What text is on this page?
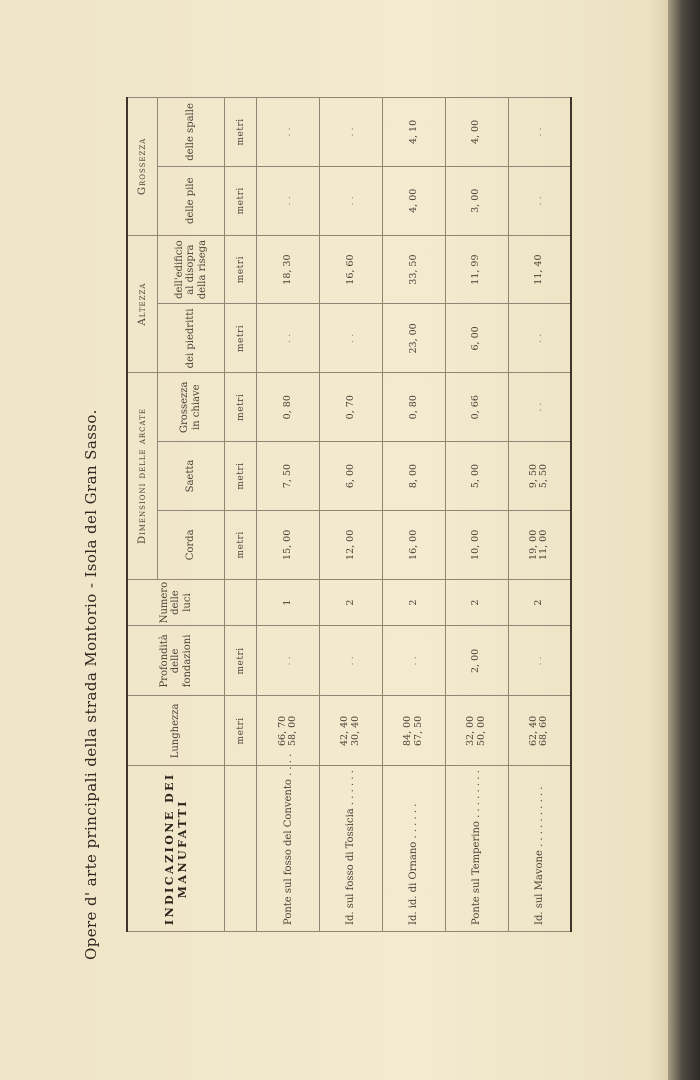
Opere d' arte principali della strada Montorio - Isola del Gran Sasso.	INDICAZIONE DEI MANUFATTI	Lunghezza	Profondità delle fondazioni	Numero delle luci	Dimensioni delle arcate			Altezza		Grossezza	
				Corda	Saetta	Grossezza in chiave	dei piedritti	dell'edificio al disopra della risega	delle pile	delle spalle
	metri	metri		metri	metri	metri	metri	metri	metri	metri
Ponte sul fosso del Convento . . . .	66, 70 58, 00	. .	1	15, 00	7, 50	0, 80	. .	18, 30	. .	. .
Id. sul fosso di Tossicia . . . . . .	42, 40 30, 40	. .	2	12, 00	6, 00	0, 70	. .	16, 60	. .	. .
Id. id. di Ornano . . . . . .	84, 00 67, 50	. .	2	16, 00	8, 00	0, 80	23, 00	33, 50	4, 00	4, 10
Ponte sul Temperino . . . . . . . .	32, 00 50, 00	2, 00	2	10, 00	5, 00	0, 66	6, 00	11, 99	3, 00	4, 00
Id. sul Mavone . . . . . . . . . .	62, 40 68, 60	. .	2	19, 00 11, 00	9, 50 5, 50	. .	. .	11, 40	. .	. .
